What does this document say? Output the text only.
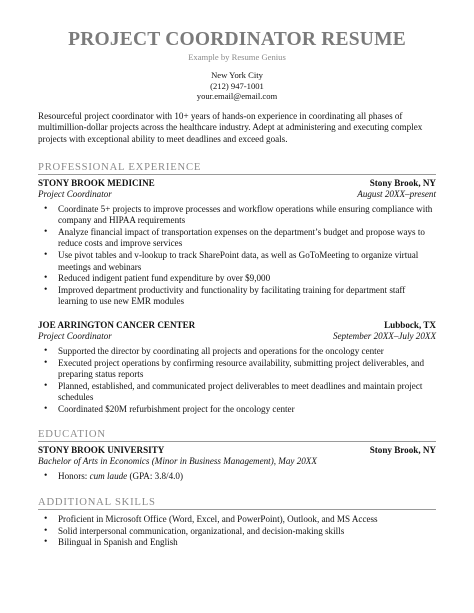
PROJECT COORDINATOR RESUME
Example by Resume Genius
New York City
(212) 947-1001
your.email@email.com
Resourceful project coordinator with 10+ years of hands-on experience in coordinating all phases of multimillion-dollar projects across the healthcare industry. Adept at administering and executing complex projects with exceptional ability to meet deadlines and exceed goals.
PROFESSIONAL EXPERIENCE
STONY BROOK MEDICINE	Stony Brook, NY
Project Coordinator	August 20XX–present
• Coordinate 5+ projects to improve processes and workflow operations while ensuring compliance with company and HIPAA requirements
• Analyze financial impact of transportation expenses on the department’s budget and propose ways to reduce costs and improve services
• Use pivot tables and v-lookup to track SharePoint data, as well as GoToMeeting to organize virtual meetings and webinars
• Reduced indigent patient fund expenditure by over $9,000
• Improved department productivity and functionality by facilitating training for department staff learning to use new EMR modules
JOE ARRINGTON CANCER CENTER	Lubbock, TX
Project Coordinator	September 20XX–July 20XX
• Supported the director by coordinating all projects and operations for the oncology center
• Executed project operations by confirming resource availability, submitting project deliverables, and preparing status reports
• Planned, established, and communicated project deliverables to meet deadlines and maintain project schedules
• Coordinated $20M refurbishment project for the oncology center
EDUCATION
STONY BROOK UNIVERSITY	Stony Brook, NY
Bachelor of Arts in Economics (Minor in Business Management), May 20XX
• Honors: cum laude (GPA: 3.8/4.0)
ADDITIONAL SKILLS
• Proficient in Microsoft Office (Word, Excel, and PowerPoint), Outlook, and MS Access
• Solid interpersonal communication, organizational, and decision-making skills
• Bilingual in Spanish and English
